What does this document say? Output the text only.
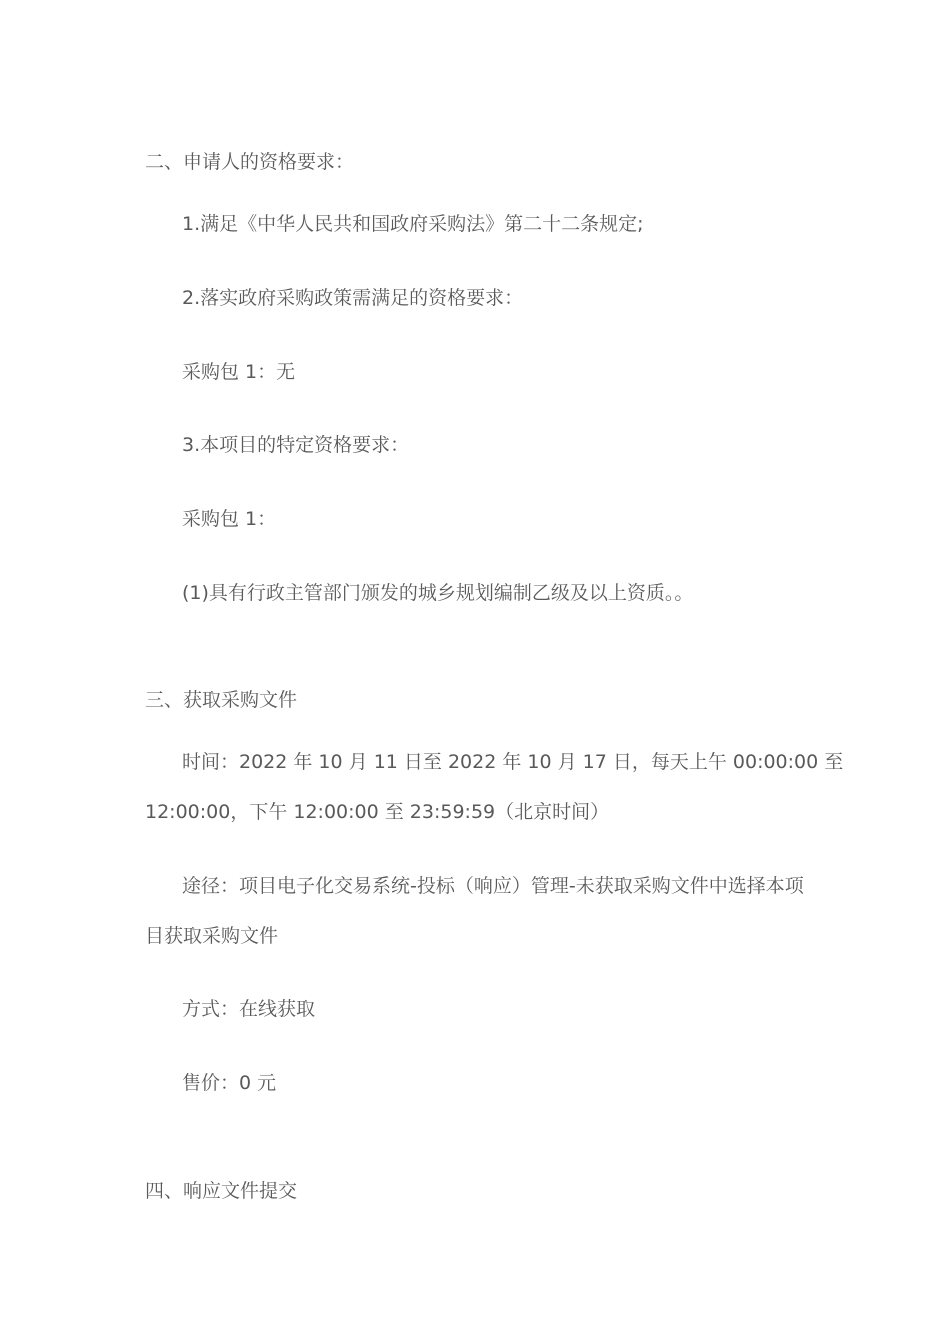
二、申请人的资格要求：
1.满足《中华人民共和国政府采购法》第二十二条规定;
2.落实政府采购政策需满足的资格要求：
采购包 1：无
3.本项目的特定资格要求：
采购包 1：
(1)具有行政主管部门颁发的城乡规划编制乙级及以上资质。。
三、获取采购文件
时间：2022 年 10 月 11 日至 2022 年 10 月 17 日，每天上午 00:00:00 至
12:00:00，下午 12:00:00 至 23:59:59（北京时间）
途径：项目电子化交易系统-投标（响应）管理-未获取采购文件中选择本项
目获取采购文件
方式：在线获取
售价：0 元
四、响应文件提交
